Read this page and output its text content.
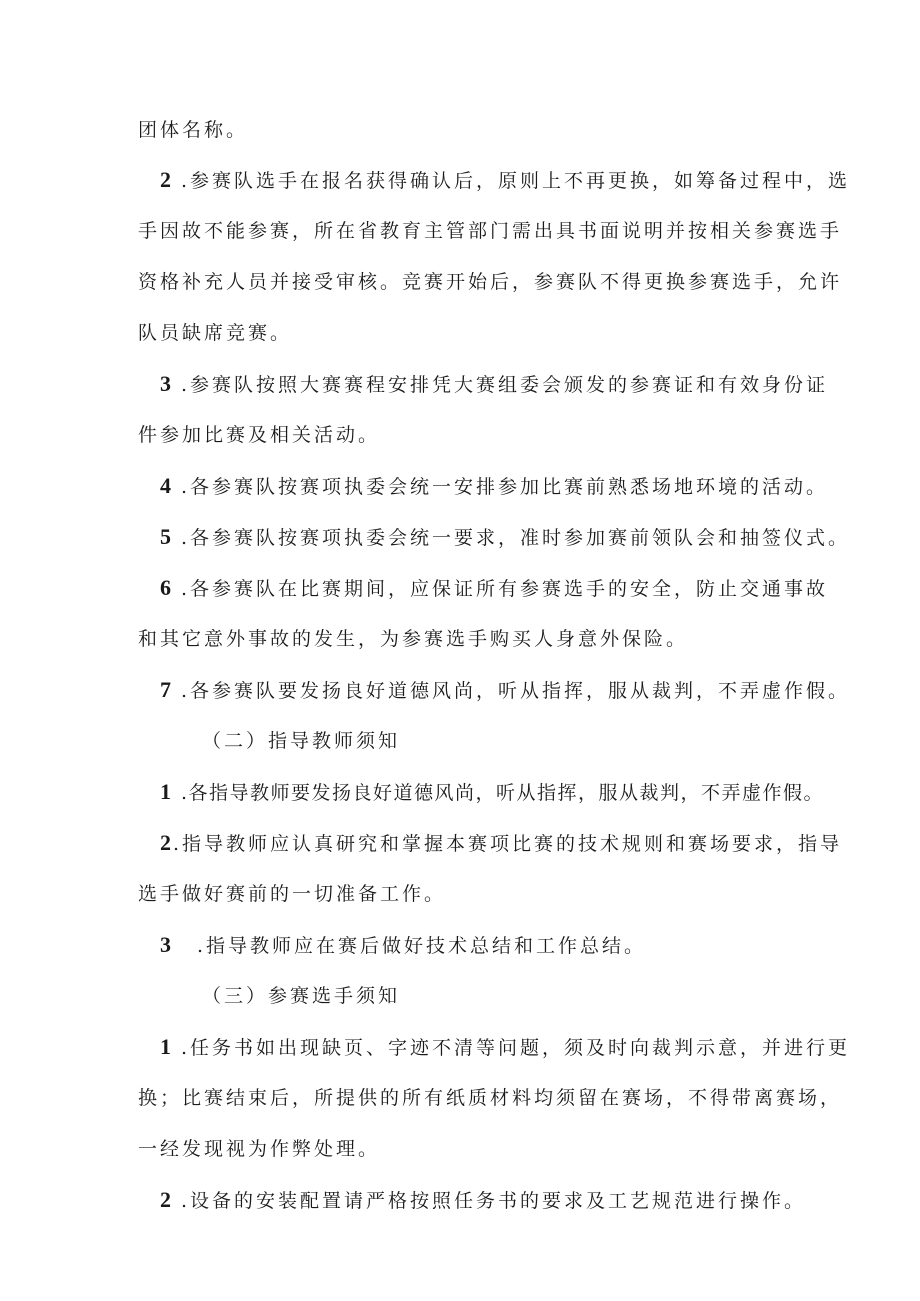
团体名称。
2 .参赛队选手在报名获得确认后，原则上不再更换，如筹备过程中，选
手因故不能参赛，所在省教育主管部门需出具书面说明并按相关参赛选手
资格补充人员并接受审核。竞赛开始后，参赛队不得更换参赛选手，允许
队员缺席竞赛。
3 .参赛队按照大赛赛程安排凭大赛组委会颁发的参赛证和有效身份证
件参加比赛及相关活动。
4 .各参赛队按赛项执委会统一安排参加比赛前熟悉场地环境的活动。
5 .各参赛队按赛项执委会统一要求，准时参加赛前领队会和抽签仪式。
6 .各参赛队在比赛期间，应保证所有参赛选手的安全，防止交通事故
和其它意外事故的发生，为参赛选手购买人身意外保险。
7 .各参赛队要发扬良好道德风尚，听从指挥，服从裁判，不弄虚作假。
（二）指导教师须知
1 .各指导教师要发扬良好道德风尚，听从指挥，服从裁判，不弄虚作假。
2 .指导教师应认真研究和掌握本赛项比赛的技术规则和赛场要求，指导
选手做好赛前的一切准备工作。
3 .指导教师应在赛后做好技术总结和工作总结。
（三）参赛选手须知
1 .任务书如出现缺页、字迹不清等问题，须及时向裁判示意，并进行更
换；比赛结束后，所提供的所有纸质材料均须留在赛场，不得带离赛场，
一经发现视为作弊处理。
2 .设备的安装配置请严格按照任务书的要求及工艺规范进行操作。
